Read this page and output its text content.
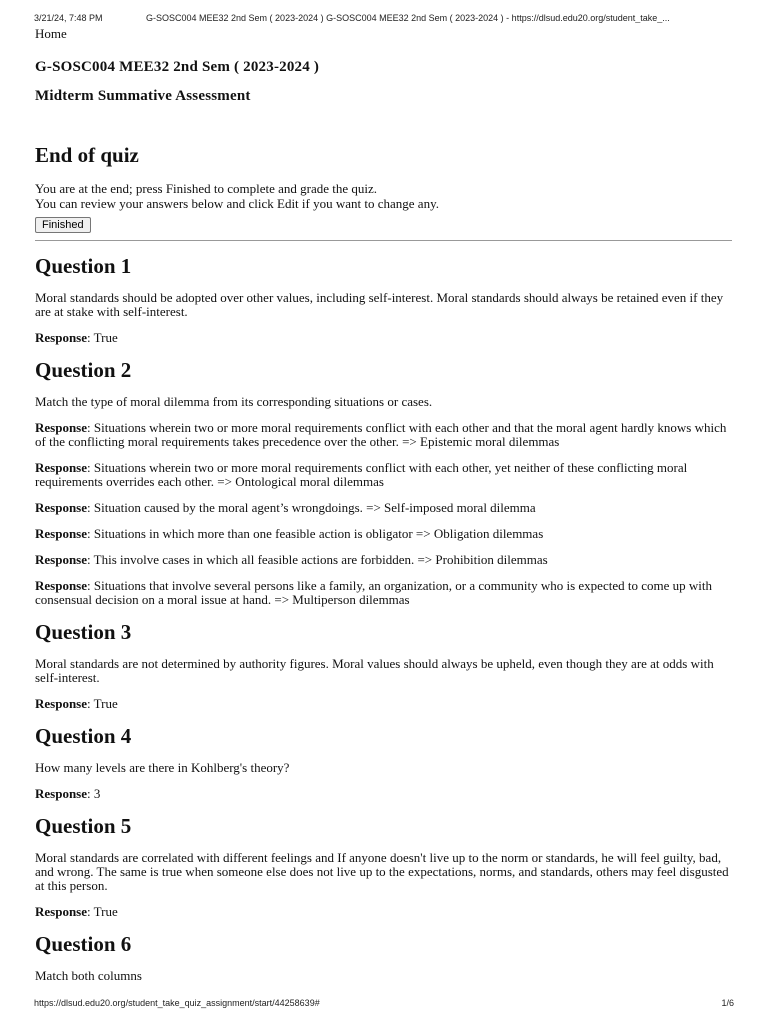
3/21/24, 7:48 PM	G-SOSC004 MEE32 2nd Sem ( 2023-2024 ) G-SOSC004 MEE32 2nd Sem ( 2023-2024 ) - https://dlsud.edu20.org/student_take_...
Home
G-SOSC004 MEE32 2nd Sem ( 2023-2024 )
Midterm Summative Assessment
End of quiz

You are at the end; press Finished to complete and grade the quiz.
You can review your answers below and click Edit if you want to change any.

Finished
Question 1

Moral standards should be adopted over other values, including self-interest. Moral standards should always be retained even if they are at stake with self-interest.

Response: True

Question 2

Match the type of moral dilemma from its corresponding situations or cases.

Response: Situations wherein two or more moral requirements conflict with each other and that the moral agent hardly knows which of the conflicting moral requirements takes precedence over the other. => Epistemic moral dilemmas

Response: Situations wherein two or more moral requirements conflict with each other, yet neither of these conflicting moral requirements overrides each other. => Ontological moral dilemmas

Response: Situation caused by the moral agent’s wrongdoings. => Self-imposed moral dilemma

Response: Situations in which more than one feasible action is obligator => Obligation dilemmas

Response: This involve cases in which all feasible actions are forbidden. => Prohibition dilemmas

Response: Situations that involve several persons like a family, an organization, or a community who is expected to come up with consensual decision on a moral issue at hand. => Multiperson dilemmas

Question 3

Moral standards are not determined by authority figures. Moral values should always be upheld, even though they are at odds with self-interest.

Response: True

Question 4

How many levels are there in Kohlberg's theory?

Response: 3

Question 5

Moral standards are correlated with different feelings and If anyone doesn't live up to the norm or standards, he will feel guilty, bad, and wrong. The same is true when someone else does not live up to the expectations, norms, and standards, others may feel disgusted at this person.

Response: True

Question 6

Match both columns

https://dlsud.edu20.org/student_take_quiz_assignment/start/44258639#	1/6
